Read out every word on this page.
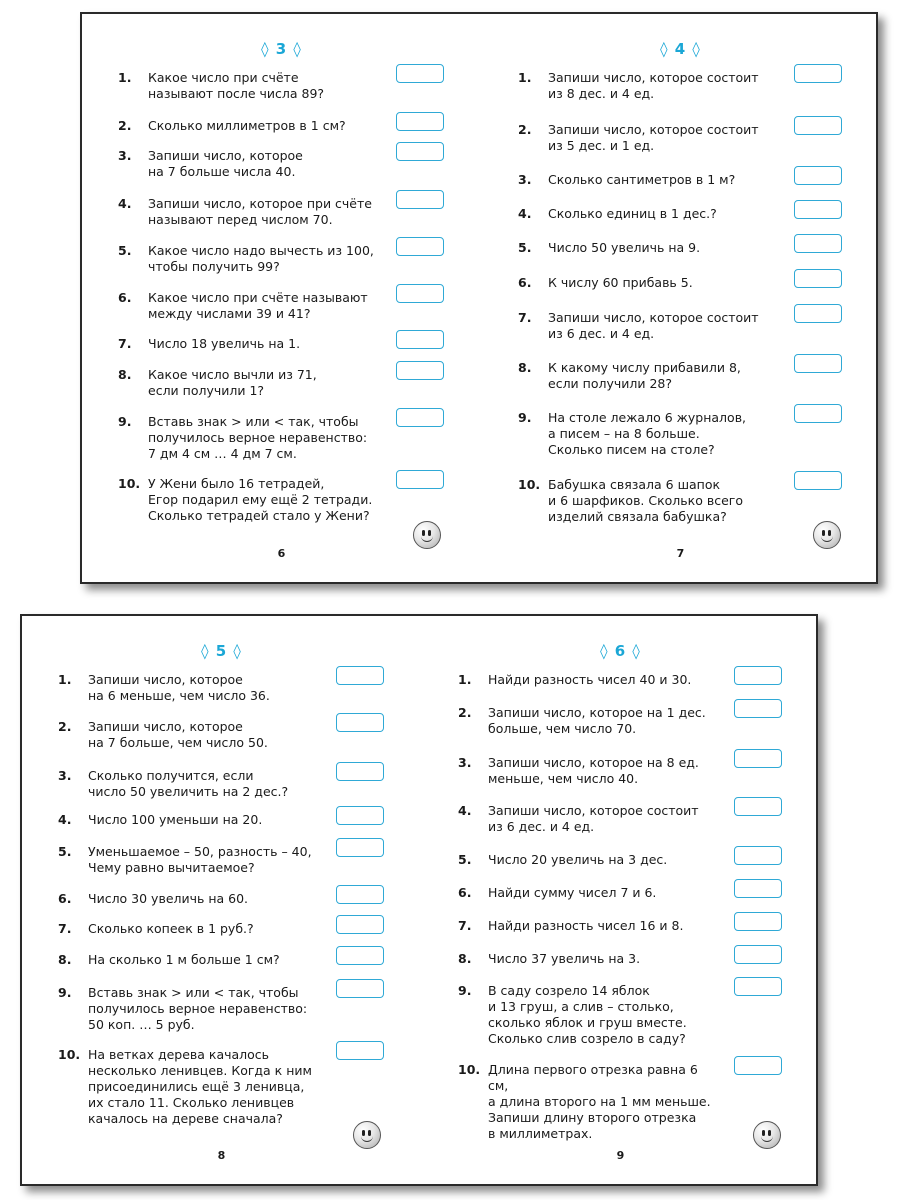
◊ 3 ◊
1.	Какое число при счёте
называют после числа 89?
2.	Сколько миллиметров в 1 см?
3.	Запиши число, которое
на 7 больше числа 40.
4.	Запиши число, которое при счёте
называют перед числом 70.
5.	Какое число надо вычесть из 100,
чтобы получить 99?
6.	Какое число при счёте называют
между числами 39 и 41?
7.	Число 18 увеличь на 1.
8.	Какое число вычли из 71,
если получили 1?
9.	Вставь знак > или < так, чтобы
получилось верное неравенство:
7 дм 4 см … 4 дм 7 см.
10. У Жени было 16 тетрадей,
Егор подарил ему ещё 2 тетради.
Сколько тетрадей стало у Жени?
6
◊ 4 ◊
1.	Запиши число, которое состоит
из 8 дес. и 4 ед.
2.	Запиши число, которое состоит
из 5 дес. и 1 ед.
3.	Сколько сантиметров в 1 м?
4.	Сколько единиц в 1 дес.?
5.	Число 50 увеличь на 9.
6.	К числу 60 прибавь 5.
7.	Запиши число, которое состоит
из 6 дес. и 4 ед.
8.	К какому числу прибавили 8,
если получили 28?
9.	На столе лежало 6 журналов,
а писем – на 8 больше.
Сколько писем на столе?
10. Бабушка связала 6 шапок
и 6 шарфиков. Сколько всего
изделий связала бабушка?
7
◊ 5 ◊
1.	Запиши число, которое
на 6 меньше, чем число 36.
2.	Запиши число, которое
на 7 больше, чем число 50.
3.	Сколько получится, если
число 50 увеличить на 2 дес.?
4.	Число 100 уменьши на 20.
5.	Уменьшаемое – 50, разность – 40,
Чему равно вычитаемое?
6.	Число 30 увеличь на 60.
7.	Сколько копеек в 1 руб.?
8.	На сколько 1 м больше 1 см?
9.	Вставь знак > или < так, чтобы
получилось верное неравенство:
50 коп. … 5 руб.
10. На ветках дерева качалось
несколько ленивцев. Когда к ним
присоединились ещё 3 ленивца,
их стало 11. Сколько ленивцев
качалось на дереве сначала?
8
◊ 6 ◊
1.	Найди разность чисел 40 и 30.
2.	Запиши число, которое на 1 дес.
больше, чем число 70.
3.	Запиши число, которое на 8 ед.
меньше, чем число 40.
4.	Запиши число, которое состоит
из 6 дес. и 4 ед.
5.	Число 20 увеличь на 3 дес.
6.	Найди сумму чисел 7 и 6.
7.	Найди разность чисел 16 и 8.
8.	Число 37 увеличь на 3.
9.	В саду созрело 14 яблок
и 13 груш, а слив – столько,
сколько яблок и груш вместе.
Сколько слив созрело в саду?
10. Длина первого отрезка равна 6 см,
а длина второго на 1 мм меньше.
Запиши длину второго отрезка
в миллиметрах.
9
